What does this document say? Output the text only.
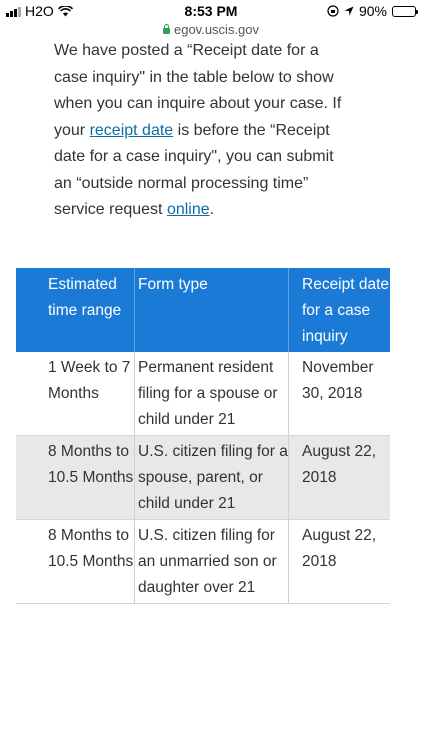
H2O	8:53 PM	90%
egov.uscis.gov

We have posted a “Receipt date for a case inquiry" in the table below to show when you can inquire about your case. If your receipt date is before the “Receipt date for a case inquiry", you can submit an “outside normal processing time” service request online.

Estimated time range	Form type	Receipt date for a case inquiry
1 Week to 7 Months	Permanent resident filing for a spouse or child under 21	November 30, 2018
8 Months to 10.5 Months	U.S. citizen filing for a spouse, parent, or child under 21	August 22, 2018
8 Months to 10.5 Months	U.S. citizen filing for an unmarried son or daughter over 21	August 22, 2018
